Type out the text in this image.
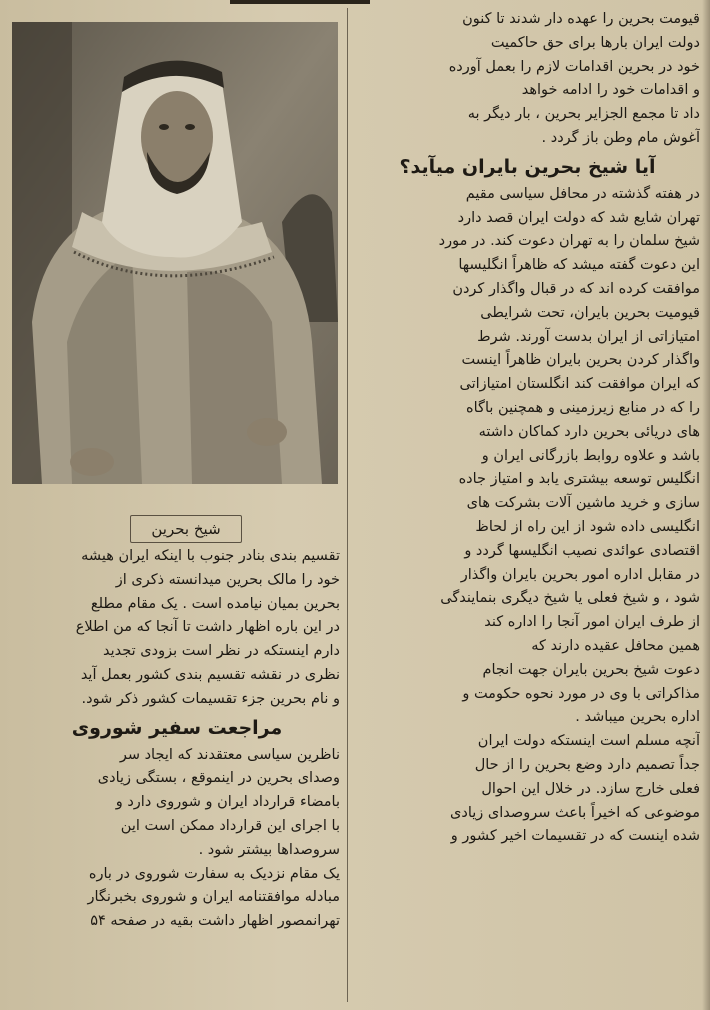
شیخ بحرین
قیومت بحرین را عهده دار شدند تا کنون
دولت ایران بارها برای حق حاکمیت
خود در بحرین اقدامات لازم را بعمل آورده
و اقدامات خود را ادامه خواهد
داد تا مجمع الجزایر بحرین ، بار دیگر به
آغوش مام وطن باز گردد .
آیا شیخ بحرین بایران میآید؟
در هفته گذشته در محافل سیاسی مقیم
تهران شایع شد که دولت ایران قصد دارد
شیخ سلمان را به تهران دعوت کند. در مورد
این دعوت گفته میشد که ظاهراً انگلیسها
موافقت کرده اند که در قبال واگذار کردن
قیومیت بحرین بایران، تحت شرایطی
امتیازاتی از ایران بدست آورند. شرط
واگذار کردن بحرین بایران ظاهراً اینست
که ایران موافقت کند انگلستان امتیازاتی
را که در منابع زیرزمینی و همچنین باگاه
های دریائی بحرین دارد کماکان داشته
باشد و علاوه روابط بازرگانی ایران و
انگلیس توسعه بیشتری یابد و امتیاز جاده
سازی و خرید ماشین آلات بشرکت های
انگلیسی داده شود از این راه از لحاظ
اقتصادی عوائدی نصیب انگلیسها گردد و
در مقابل اداره امور بحرین بایران واگذار
شود ، و شیخ فعلی یا شیخ دیگری بنمایندگی
از طرف ایران امور آنجا را اداره کند
همین محافل عقیده دارند که
دعوت شیخ بحرین بایران جهت انجام
مذاکراتی با وی در مورد نحوه حکومت و
اداره بحرین میباشد .
آنچه مسلم است اینستکه دولت ایران
جداً تصمیم دارد وضع بحرین را از حال
فعلی خارج سازد. در خلال این احوال
موضوعی که اخیراً باعث سروصدای زیادی
شده اینست که در تقسیمات اخیر کشور و
تقسیم بندی بنادر جنوب با اینکه ایران هیشه
خود را مالک بحرین میدانسته ذکری از
بحرین بمیان نیامده است . یک مقام مطلع
در این باره اظهار داشت تا آنجا که من اطلاع
دارم اینستکه در نظر است بزودی تجدید
نظری در نقشه تقسیم بندی کشور بعمل آید
و نام بحرین جزء تقسیمات کشور ذکر شود.
مراجعت سفیر شوروی
ناظرین سیاسی معتقدند که ایجاد سر
وصدای بحرین در اینموقع ، بستگی زیادی
بامضاء قرارداد ایران و شوروی دارد و
با اجرای این قرارداد ممکن است این
سروصداها بیشتر شود .
یک مقام نزدیک به سفارت شوروی در باره
مبادله موافقتنامه ایران و شوروی بخبرنگار
تهرانمصور اظهار داشت بقیه در صفحه ۵۴
